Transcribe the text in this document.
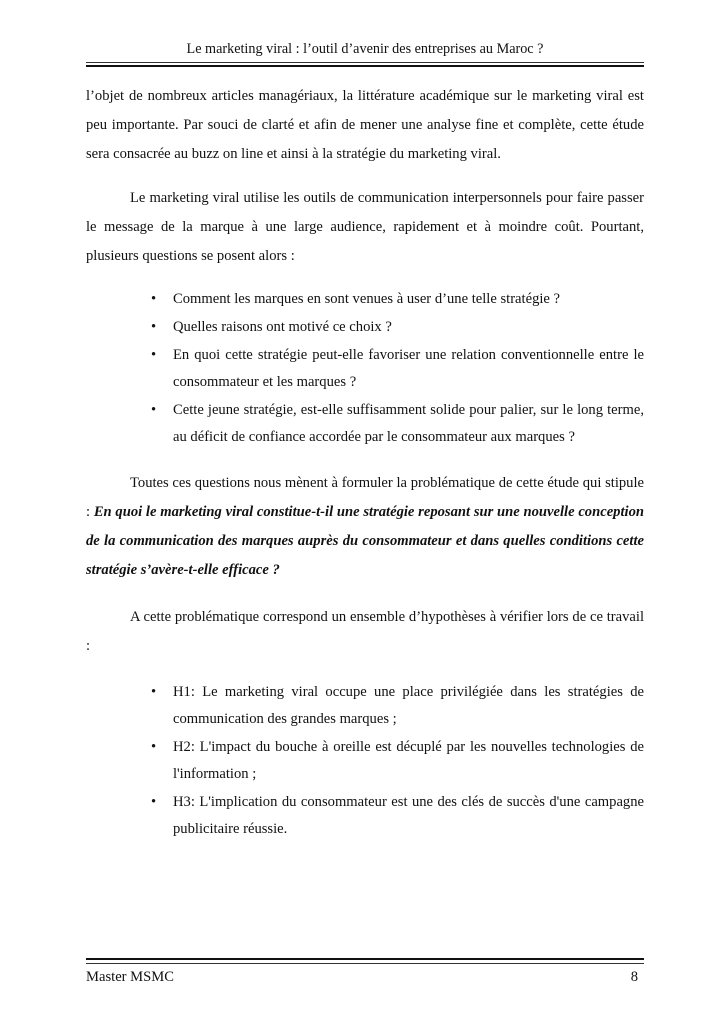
Le marketing viral : l’outil d’avenir des entreprises au Maroc ?

l’objet de nombreux articles managériaux, la littérature académique sur le marketing viral est peu importante. Par souci de clarté et afin de mener une analyse fine et complète, cette étude sera consacrée au buzz on line et ainsi à la stratégie du marketing viral.

Le marketing viral utilise les outils de communication interpersonnels pour faire passer le message de la marque à une large audience, rapidement et à moindre coût. Pourtant, plusieurs questions se posent alors :

• Comment les marques en sont venues à user d’une telle stratégie ?
• Quelles raisons ont motivé ce choix ?
• En quoi cette stratégie peut-elle favoriser une relation conventionnelle entre le consommateur et les marques ?
• Cette jeune stratégie, est-elle suffisamment solide pour palier, sur le long terme, au déficit de confiance accordée par le consommateur aux marques ?

Toutes ces questions nous mènent à formuler la problématique de cette étude qui stipule : En quoi le marketing viral constitue-t-il une stratégie reposant sur une nouvelle conception de la communication des marques auprès du consommateur et dans quelles conditions cette stratégie s’avère-t-elle efficace ?

A cette problématique correspond un ensemble d’hypothèses à vérifier lors de ce travail :

• H1: Le marketing viral occupe une place privilégiée dans les stratégies de communication des grandes marques ;
• H2: L'impact du bouche à oreille est décuplé par les nouvelles technologies de l'information ;
• H3: L'implication du consommateur est une des clés de succès d'une campagne publicitaire réussie.
Master MSMC	8
